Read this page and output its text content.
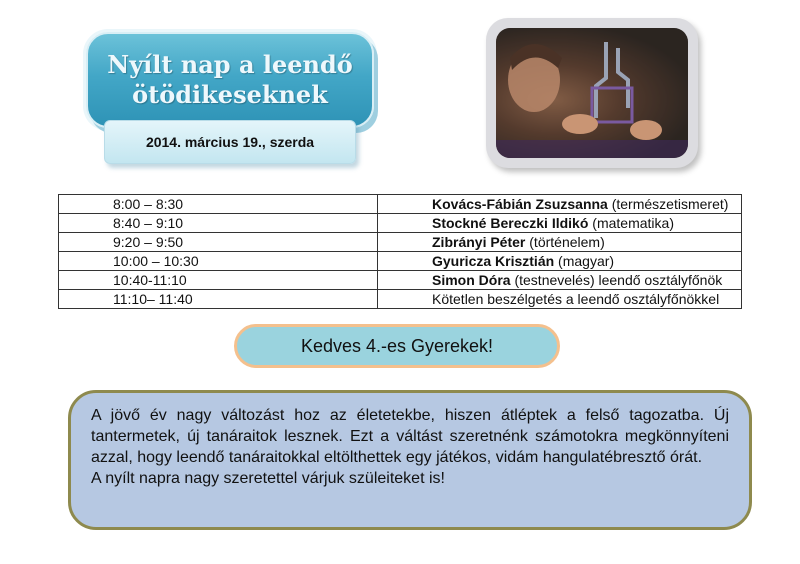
Nyílt nap a leendő ötödikeseknek
2014. március 19., szerda
8:00 – 8:30	Kovács-Fábián Zsuzsanna (természetismeret)
8:40 – 9:10	Stockné Bereczki Ildikó (matematika)
9:20 – 9:50	Zibrányi Péter (történelem)
10:00 – 10:30	Gyuricza Krisztián (magyar)
10:40-11:10	Simon Dóra (testnevelés) leendő osztályfőnök
11:10– 11:40	Kötetlen beszélgetés a leendő osztályfőnökkel
Kedves 4.-es Gyerekek!

A jövő év nagy változást hoz az életetekbe, hiszen átléptek a felső tagozatba. Új tantermetek, új tanáraitok lesznek. Ezt a váltást szeretnénk számotokra megkönnyíteni azzal, hogy leendő tanáraitokkal eltölthettek egy játékos, vidám hangulatébresztő órát.

A nyílt napra nagy szeretettel várjuk szüleiteket is!
